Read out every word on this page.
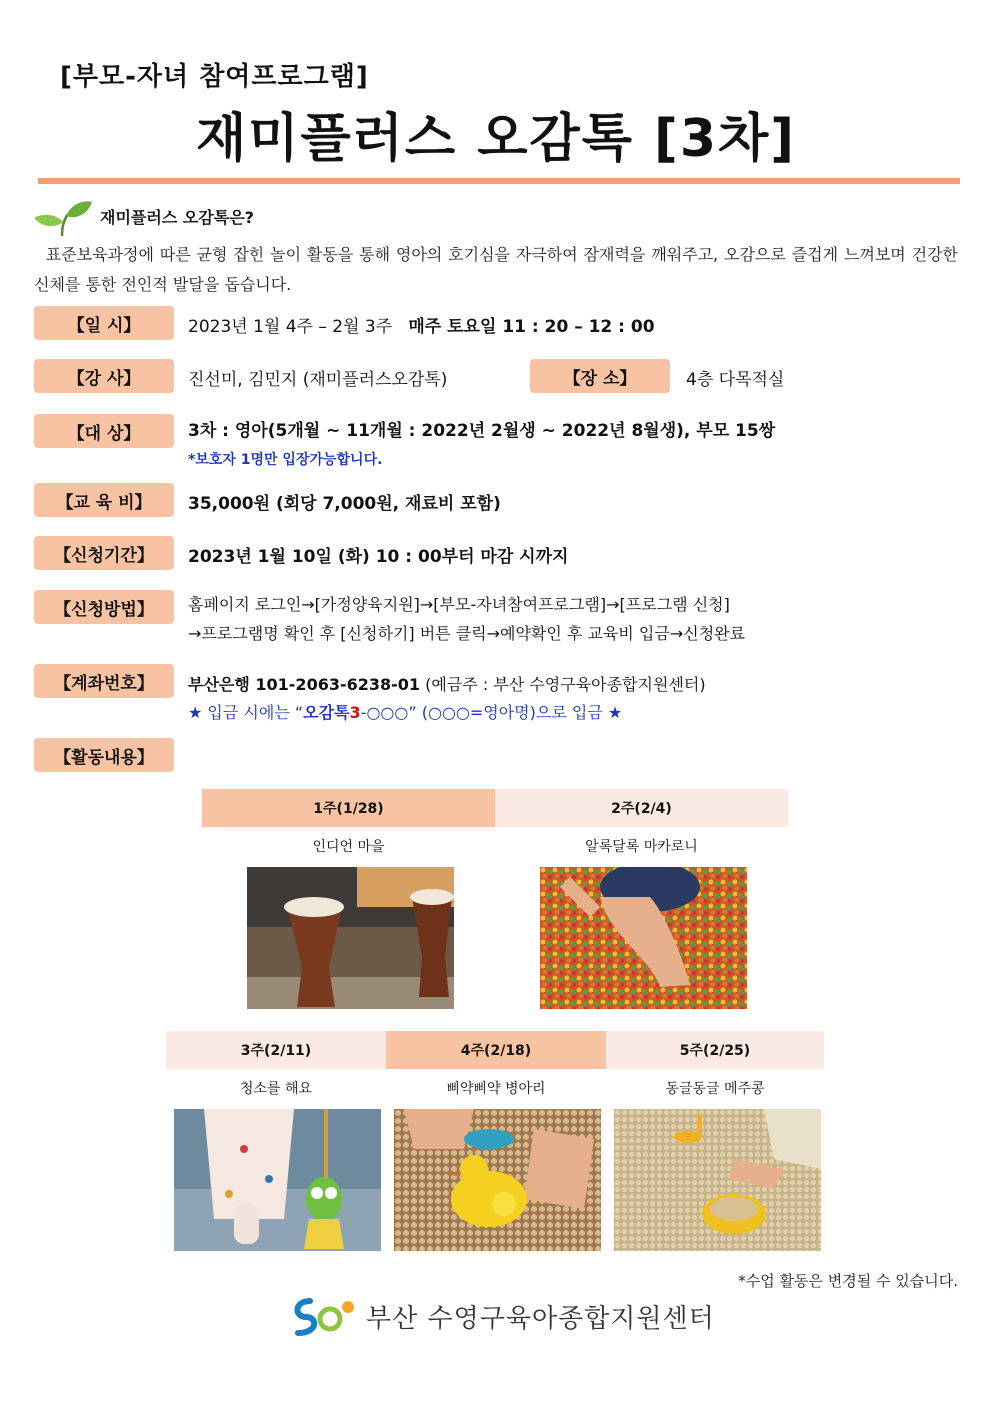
[부모-자녀 참여프로그램]
재미플러스 오감톡 [3차]
재미플러스 오감톡은?
표준보육과정에 따른 균형 잡힌 놀이 활동을 통해 영아의 호기심을 자극하여 잠재력을 깨워주고, 오감으로 즐겁게 느껴보며 건강한 신체를 통한 전인적 발달을 돕습니다.
【일 시】	2023년 1월 4주 – 2월 3주 매주 토요일 11 : 20 – 12 : 00
【강 사】	진선미, 김민지 (재미플러스오감톡)	【장 소】	4층 다목적실
【대 상】	3차 : 영아(5개월 ~ 11개월 : 2022년 2월생 ~ 2022년 8월생), 부모 15쌍
*보호자 1명만 입장가능합니다.
【교 육 비】	35,000원 (회당 7,000원, 재료비 포함)
【신청기간】	2023년 1월 10일 (화) 10 : 00부터 마감 시까지
【신청방법】	홈페이지 로그인→[가정양육지원]→[부모-자녀참여프로그램]→[프로그램 신청]
→프로그램명 확인 후 [신청하기] 버튼 클릭→예약확인 후 교육비 입금→신청완료
【계좌번호】	부산은행 101-2063-6238-01 (예금주 : 부산 수영구육아종합지원센터)
★ 입금 시에는 “오감톡3-○○○” (○○○=영아명)으로 입금 ★
【활동내용】
1주(1/28)	2주(2/4)
인디언 마을	알록달록 마카로니
3주(2/11)	4주(2/18)	5주(2/25)
청소를 해요	삐약삐약 병아리	동글동글 메주콩
*수업 활동은 변경될 수 있습니다.
부산 수영구육아종합지원센터
